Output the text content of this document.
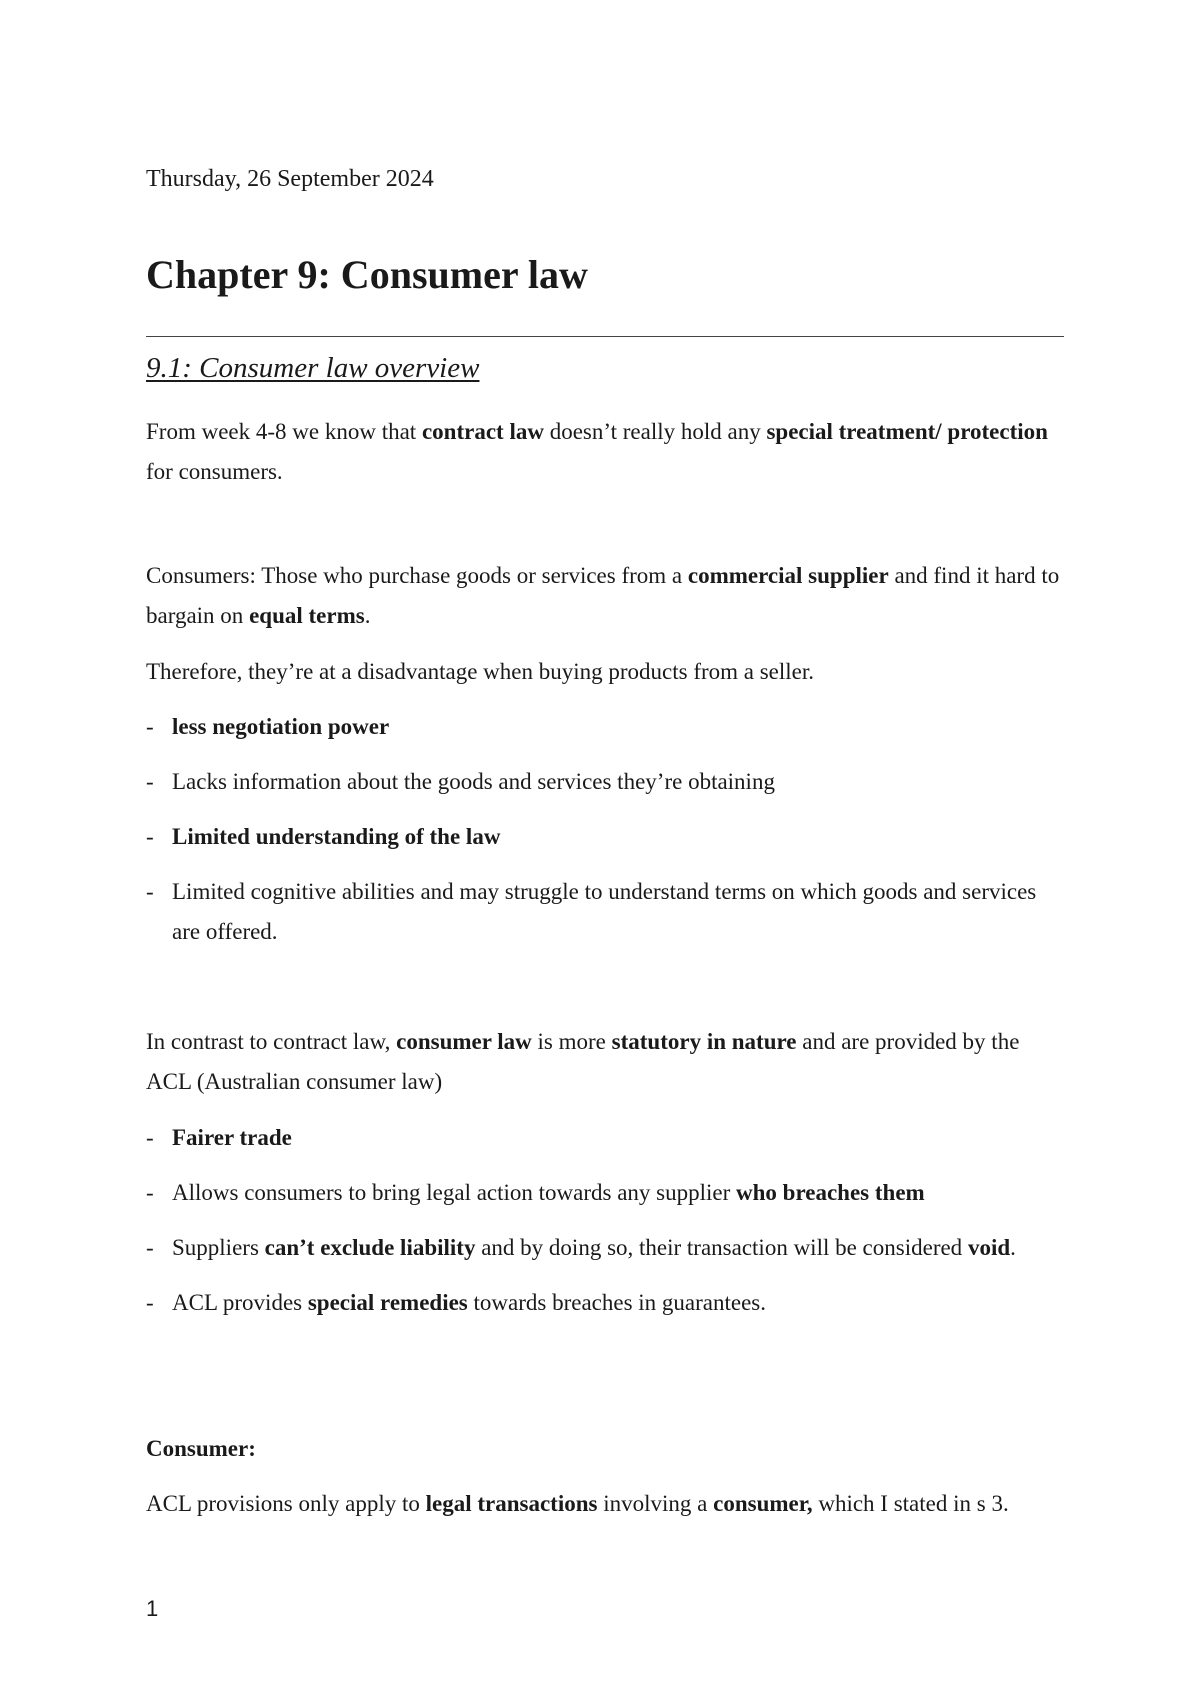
Thursday, 26 September 2024
Chapter 9: Consumer law
9.1: Consumer law overview

From week 4-8 we know that contract law doesn’t really hold any special treatment/ protection for consumers.

Consumers: Those who purchase goods or services from a commercial supplier and find it hard to bargain on equal terms.

Therefore, they’re at a disadvantage when buying products from a seller.

- less negotiation power
- Lacks information about the goods and services they’re obtaining
- Limited understanding of the law
- Limited cognitive abilities and may struggle to understand terms on which goods and services are offered.

In contrast to contract law, consumer law is more statutory in nature and are provided by the ACL (Australian consumer law)

- Fairer trade
- Allows consumers to bring legal action towards any supplier who breaches them
- Suppliers can’t exclude liability and by doing so, their transaction will be considered void.
- ACL provides special remedies towards breaches in guarantees.

Consumer:

ACL provisions only apply to legal transactions involving a consumer, which I stated in s 3.

1
